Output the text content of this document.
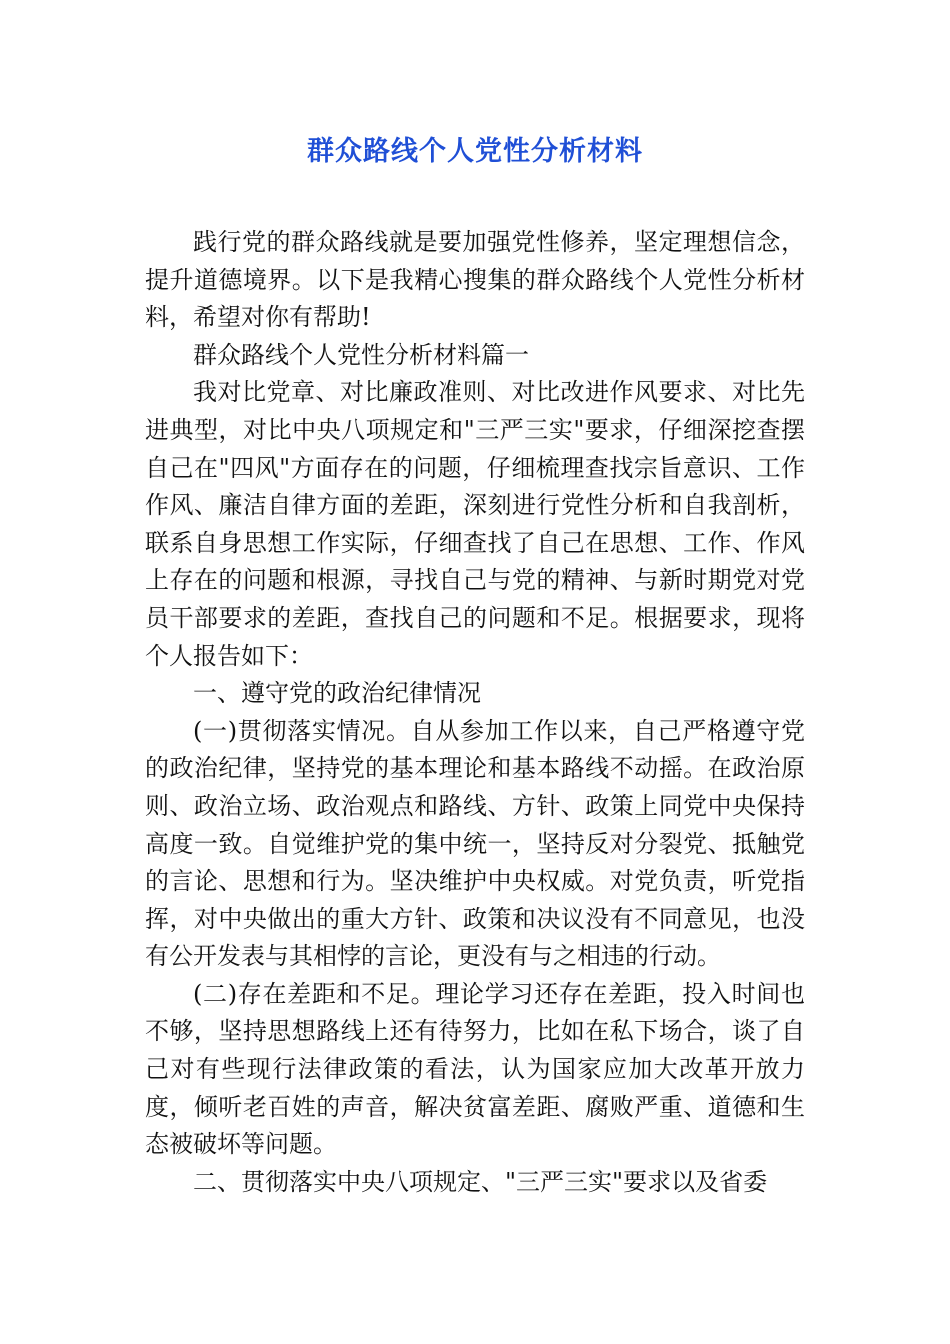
群众路线个人党性分析材料

践行党的群众路线就是要加强党性修养，坚定理想信念，提升道德境界。以下是我精心搜集的群众路线个人党性分析材料，希望对你有帮助!

群众路线个人党性分析材料篇一

我对比党章、对比廉政准则、对比改进作风要求、对比先进典型，对比中央八项规定和"三严三实"要求，仔细深挖查摆自己在"四风"方面存在的问题，仔细梳理查找宗旨意识、工作作风、廉洁自律方面的差距，深刻进行党性分析和自我剖析，联系自身思想工作实际，仔细查找了自己在思想、工作、作风上存在的问题和根源，寻找自己与党的精神、与新时期党对党员干部要求的差距，查找自己的问题和不足。根据要求，现将个人报告如下：

一、遵守党的政治纪律情况

(一)贯彻落实情况。自从参加工作以来，自己严格遵守党的政治纪律，坚持党的基本理论和基本路线不动摇。在政治原则、政治立场、政治观点和路线、方针、政策上同党中央保持高度一致。自觉维护党的集中统一，坚持反对分裂党、抵触党的言论、思想和行为。坚决维护中央权威。对党负责，听党指挥，对中央做出的重大方针、政策和决议没有不同意见，也没有公开发表与其相悖的言论，更没有与之相违的行动。

(二)存在差距和不足。理论学习还存在差距，投入时间也不够，坚持思想路线上还有待努力，比如在私下场合，谈了自己对有些现行法律政策的看法，认为国家应加大改革开放力度，倾听老百姓的声音，解决贫富差距、腐败严重、道德和生态被破坏等问题。

二、贯彻落实中央八项规定、"三严三实"要求以及省委
